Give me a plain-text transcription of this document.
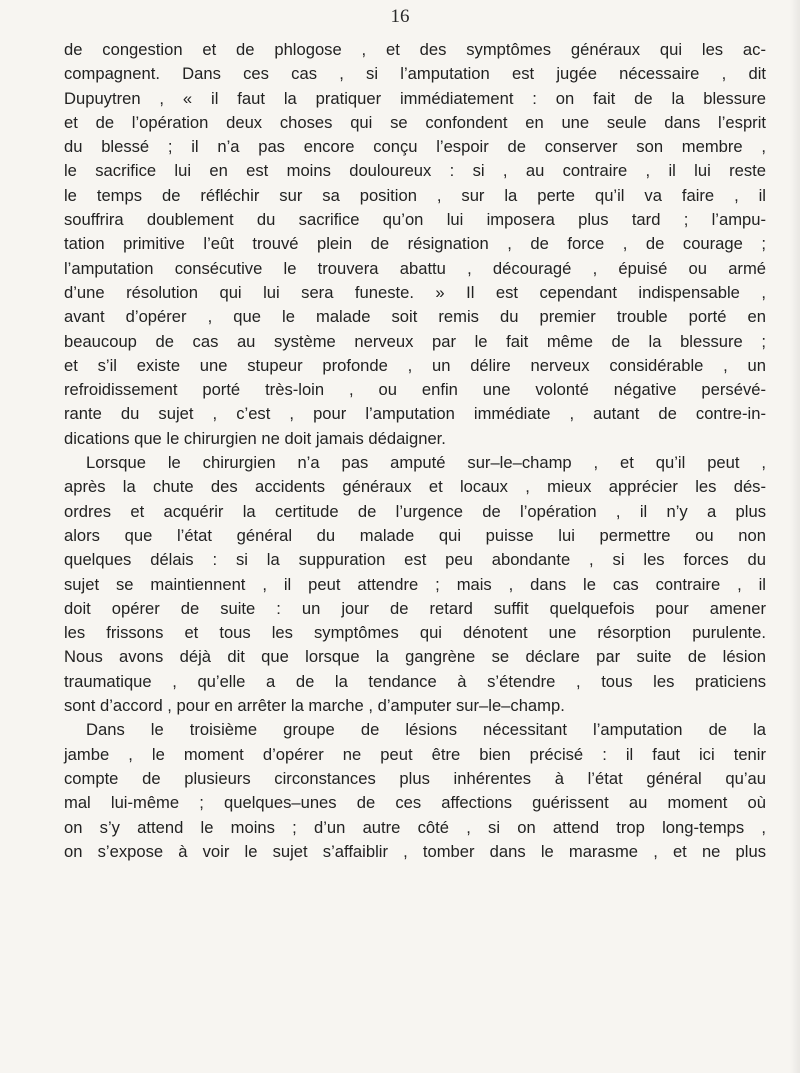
16
de congestion et de phlogose , et des symptômes généraux qui les ac-
compagnent. Dans ces cas , si l’amputation est jugée nécessaire , dit
Dupuytren , « il faut la pratiquer immédiatement : on fait de la blessure
et de l’opération deux choses qui se confondent en une seule dans l’esprit
du blessé ; il n’a pas encore conçu l’espoir de conserver son membre ,
le sacrifice lui en est moins douloureux : si , au contraire , il lui reste
le temps de réfléchir sur sa position , sur la perte qu’il va faire , il
souffrira doublement du sacrifice qu’on lui imposera plus tard ; l’ampu-
tation primitive l’eût trouvé plein de résignation , de force , de courage ;
l’amputation consécutive le trouvera abattu , découragé , épuisé ou armé
d’une résolution qui lui sera funeste. » Il est cependant indispensable ,
avant d’opérer , que le malade soit remis du premier trouble porté en
beaucoup de cas au système nerveux par le fait même de la blessure ;
et s’il existe une stupeur profonde , un délire nerveux considérable , un
refroidissement porté très-loin , ou enfin une volonté négative persévé-
rante du sujet , c’est , pour l’amputation immédiate , autant de contre-in-
dications que le chirurgien ne doit jamais dédaigner.
Lorsque le chirurgien n’a pas amputé sur–le–champ , et qu’il peut ,
après la chute des accidents généraux et locaux , mieux apprécier les dés-
ordres et acquérir la certitude de l’urgence de l’opération , il n’y a plus
alors que l’état général du malade qui puisse lui permettre ou non
quelques délais : si la suppuration est peu abondante , si les forces du
sujet se maintiennent , il peut attendre ; mais , dans le cas contraire , il
doit opérer de suite : un jour de retard suffit quelquefois pour amener
les frissons et tous les symptômes qui dénotent une résorption purulente.
Nous avons déjà dit que lorsque la gangrène se déclare par suite de lésion
traumatique , qu’elle a de la tendance à s’étendre , tous les praticiens
sont d’accord , pour en arrêter la marche , d’amputer sur–le–champ.
Dans le troisième groupe de lésions nécessitant l’amputation de la
jambe , le moment d’opérer ne peut être bien précisé : il faut ici tenir
compte de plusieurs circonstances plus inhérentes à l’état général qu’au
mal lui-même ; quelques–unes de ces affections guérissent au moment où
on s’y attend le moins ; d’un autre côté , si on attend trop long-temps ,
on s’expose à voir le sujet s’affaiblir , tomber dans le marasme , et ne plus
